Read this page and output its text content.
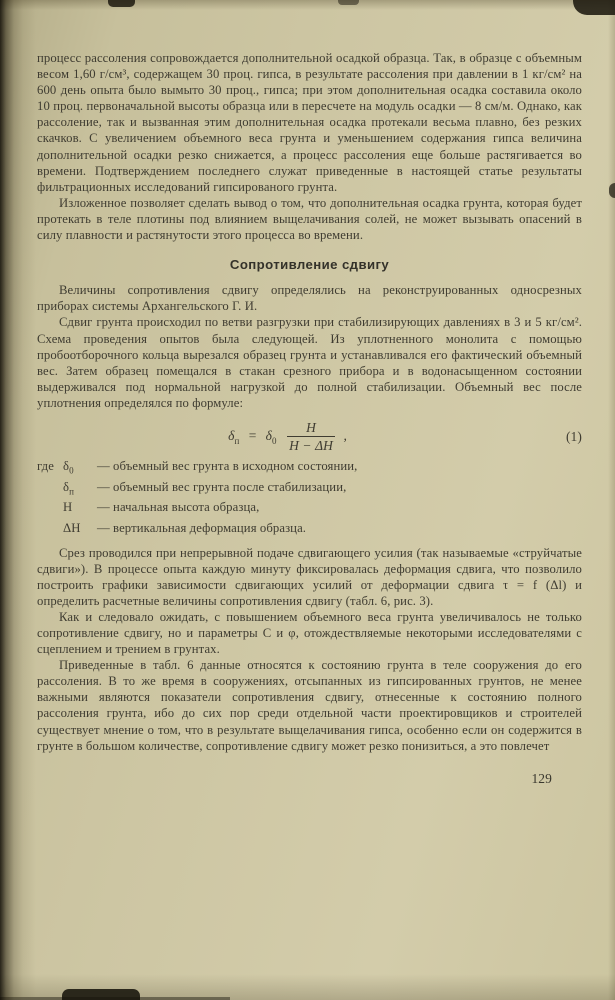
процесс рассоления сопровождается дополнительной осадкой образца. Так, в образце с объемным весом 1,60 г/см³, содержащем 30 проц. гипса, в результате рассоления при давлении в 1 кг/см² на 600 день опыта было вымыто 30 проц., гипса; при этом дополнительная осадка составила около 10 проц. первоначальной высоты образца или в пересчете на модуль осадки — 8 см/м. Однако, как рассоление, так и вызванная этим дополнительная осадка протекали весьма плавно, без резких скачков. С увеличением объемного веса грунта и уменьшением содержания гипса величина дополнительной осадки резко снижается, а процесс рассоления еще больше растягивается во времени. Подтверждением последнего служат приведенные в настоящей статье результаты фильтрационных исследований гипсированого грунта.

Изложенное позволяет сделать вывод о том, что дополнительная осадка грунта, которая будет протекать в теле плотины под влиянием выщелачивания солей, не может вызывать опасений в силу плавности и растянутости этого процесса во времени.

Сопротивление сдвигу

Величины сопротивления сдвигу определялись на реконструированных односрезных приборах системы Архангельского Г. И.

Сдвиг грунта происходил по ветви разгрузки при стабилизирующих давлениях в 3 и 5 кг/см². Схема проведения опытов была следующей. Из уплотненного монолита с помощью пробоотборочного кольца вырезался образец грунта и устанавливался его фактический объемный вес. Затем образец помещался в стакан срезного прибора и в водонасыщенном состоянии выдерживался под нормальной нагрузкой до полной стабилизации. Объемный вес после уплотнения определялся по формуле:

$\delta_п = \delta_0 \frac{H}{H - \Delta H}$ ,	(1)
где $\delta_0$	— объемный вес грунта в исходном состоянии,
$\delta_п$	— объемный вес грунта после стабилизации,
H	— начальная высота образца,
ΔH	— вертикальная деформация образца.

Срез проводился при непрерывной подаче сдвигающего усилия (так называемые «струйчатые сдвиги»). В процессе опыта каждую минуту фиксировалась деформация сдвига, что позволило построить графики зависимости сдвигающих усилий от деформации сдвига τ = f (Δl) и определить расчетные величины сопротивления сдвигу (табл. 6, рис. 3).

Как и следовало ожидать, с повышением объемного веса грунта увеличивалось не только сопротивление сдвигу, но и параметры C и φ, отождествляемые некоторыми исследователями с сцеплением и трением в грунтах.

Приведенные в табл. 6 данные относятся к состоянию грунта в теле сооружения до его рассоления. В то же время в сооружениях, отсыпанных из гипсированных грунтов, не менее важными являются показатели сопротивления сдвигу, отнесенные к состоянию полного рассоления грунта, ибо до сих пор среди отдельной части проектировщиков и строителей существует мнение о том, что в результате выщелачивания гипса, особенно если он содержится в грунте в большом количестве, сопротивление сдвигу может резко понизиться, а это повлечет

129
